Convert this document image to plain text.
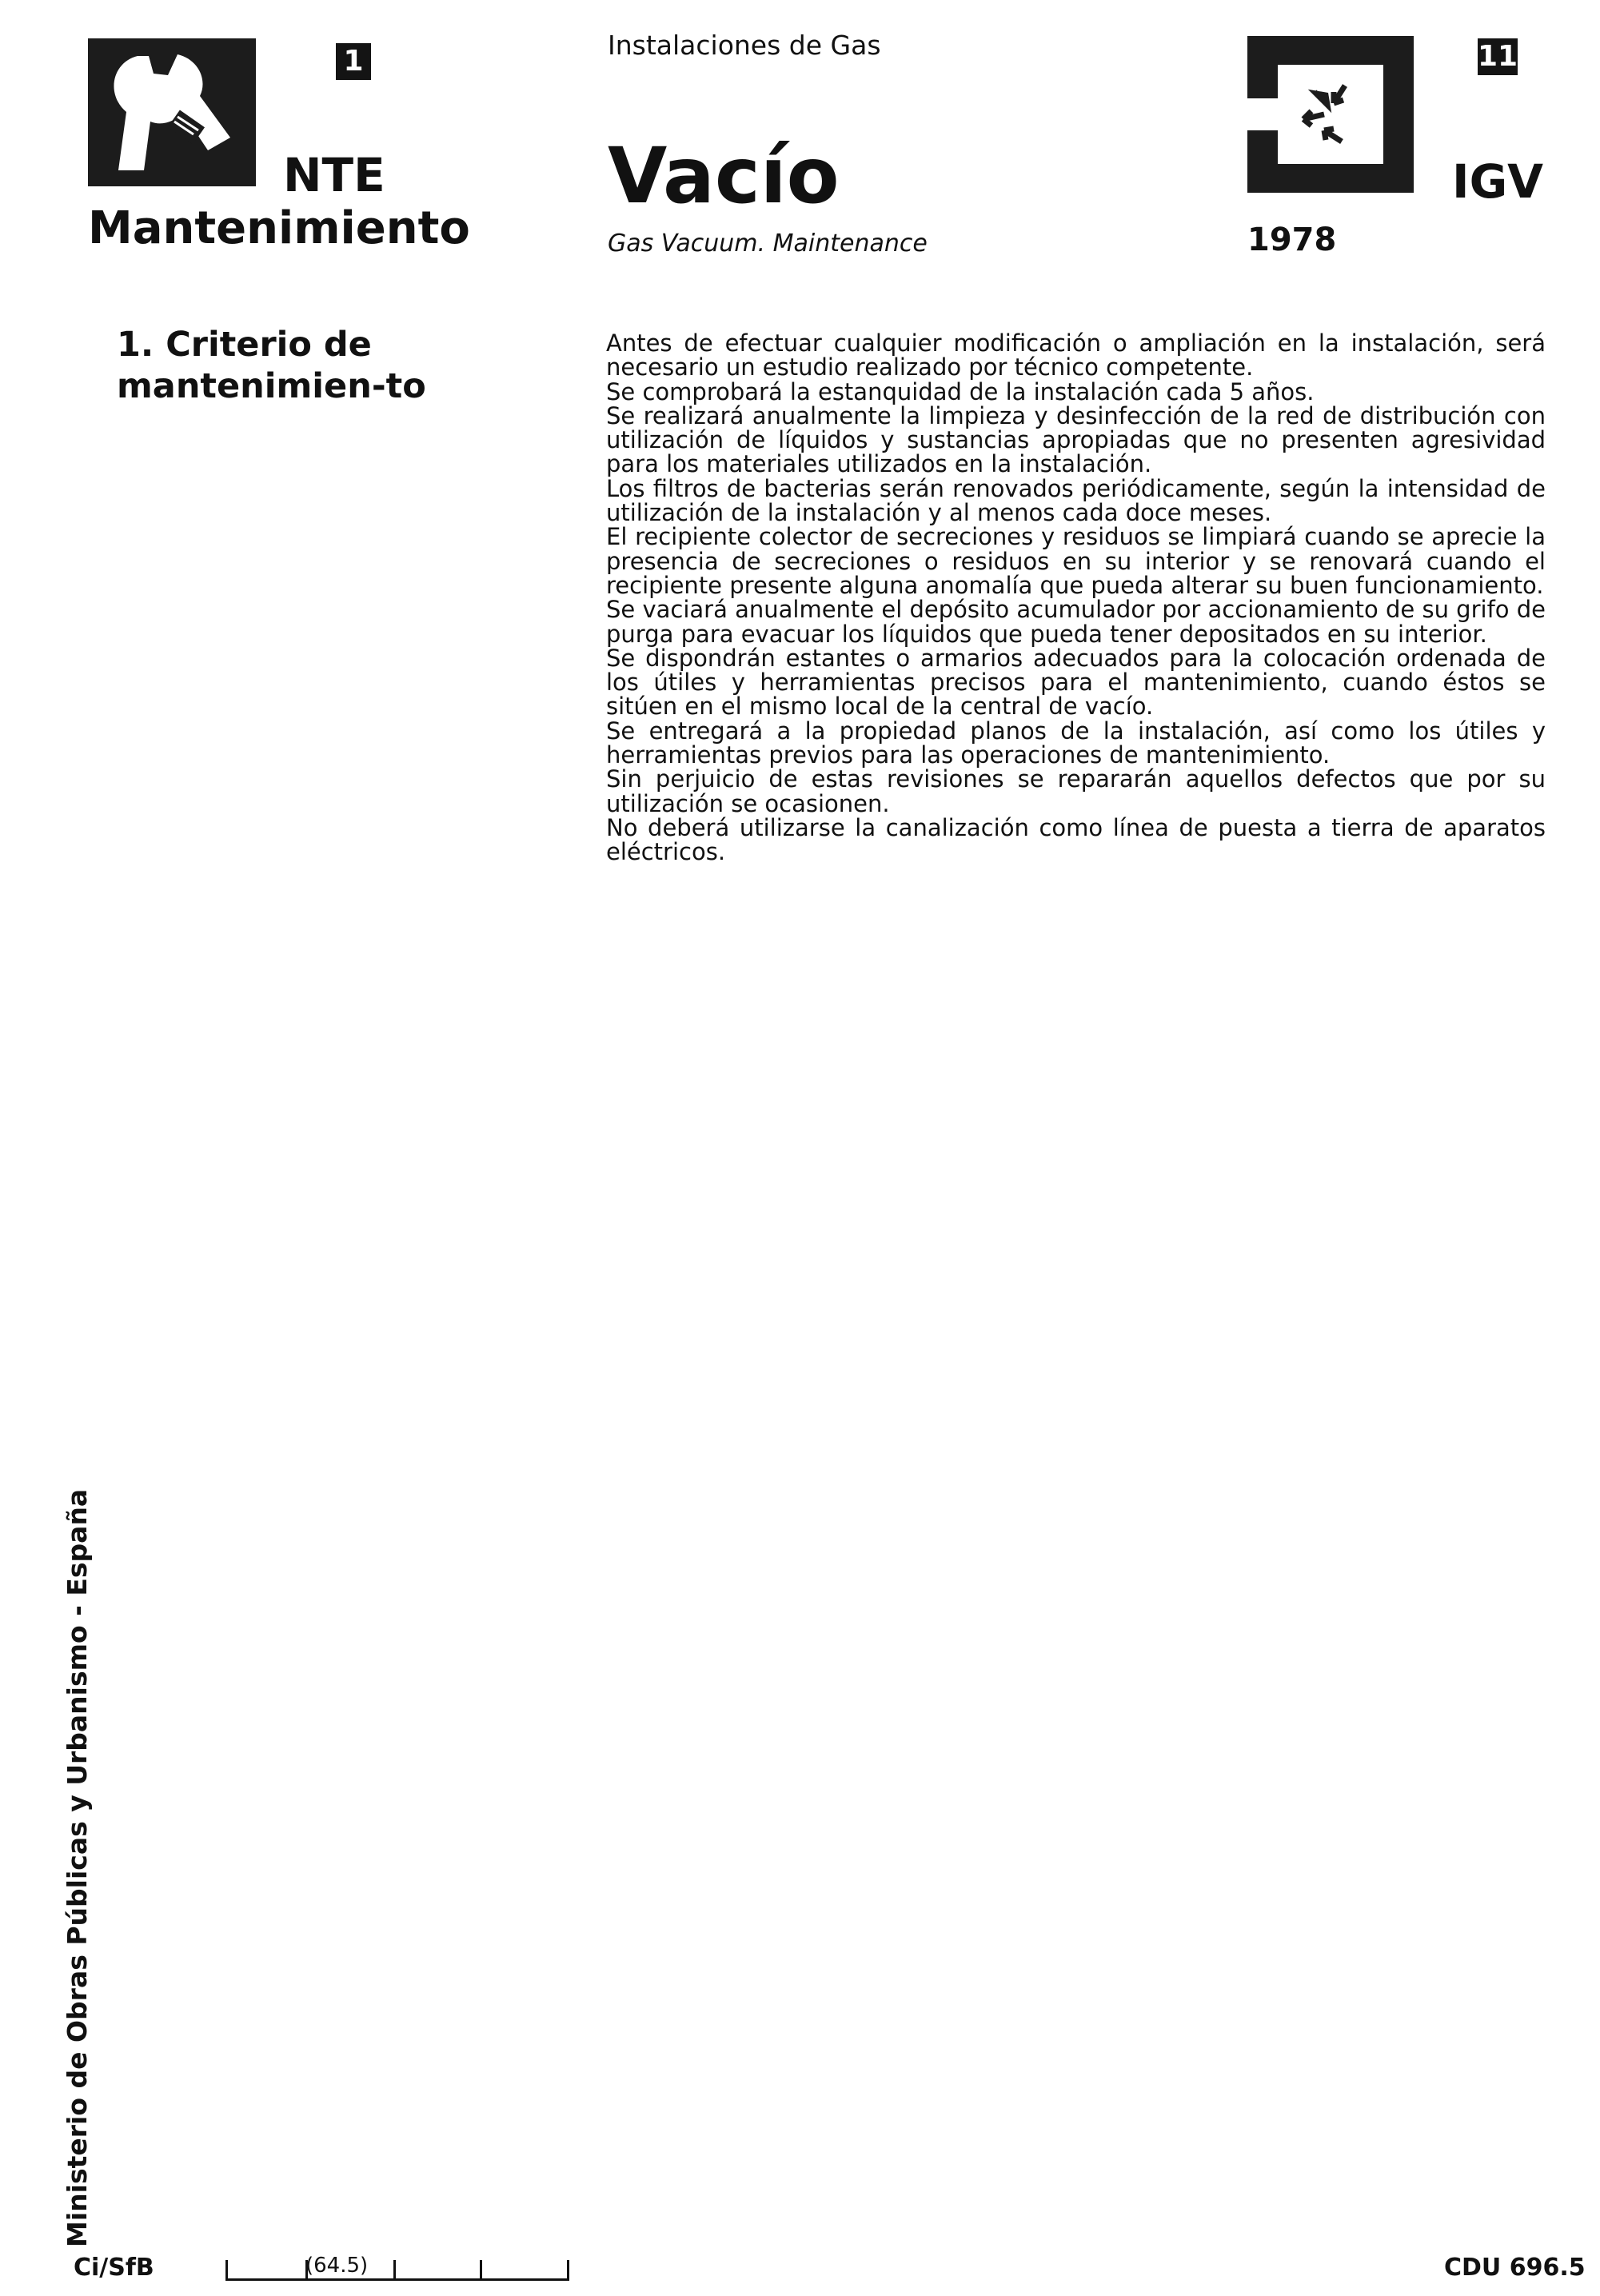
1
NTE
Mantenimiento
Instalaciones de Gas
Vacío
Gas Vacuum. Maintenance
11
IGV
1978
1. Criterio de mantenimien-to

Antes de efectuar cualquier modificación o ampliación en la instalación, será necesario un estudio realizado por técnico competente.

Se comprobará la estanquidad de la instalación cada 5 años.

Se realizará anualmente la limpieza y desinfección de la red de distribución con utilización de líquidos y sustancias apropiadas que no presenten agresividad para los materiales utilizados en la instalación.

Los filtros de bacterias serán renovados periódicamente, según la intensidad de utilización de la instalación y al menos cada doce meses.

El recipiente colector de secreciones y residuos se limpiará cuando se aprecie la presencia de secreciones o residuos en su interior y se renovará cuando el recipiente presente alguna anomalía que pueda alterar su buen funcionamiento.

Se vaciará anualmente el depósito acumulador por accionamiento de su grifo de purga para evacuar los líquidos que pueda tener depositados en su interior.

Se dispondrán estantes o armarios adecuados para la colocación ordenada de los útiles y herramientas precisos para el mantenimiento, cuando éstos se sitúen en el mismo local de la central de vacío.

Se entregará a la propiedad planos de la instalación, así como los útiles y herramientas previos para las operaciones de mantenimiento.

Sin perjuicio de estas revisiones se repararán aquellos defectos que por su utilización se ocasionen.

No deberá utilizarse la canalización como línea de puesta a tierra de aparatos eléctricos.

Ministerio de Obras Públicas y Urbanismo - España
Ci/SfB	(64.5)	CDU 696.5
